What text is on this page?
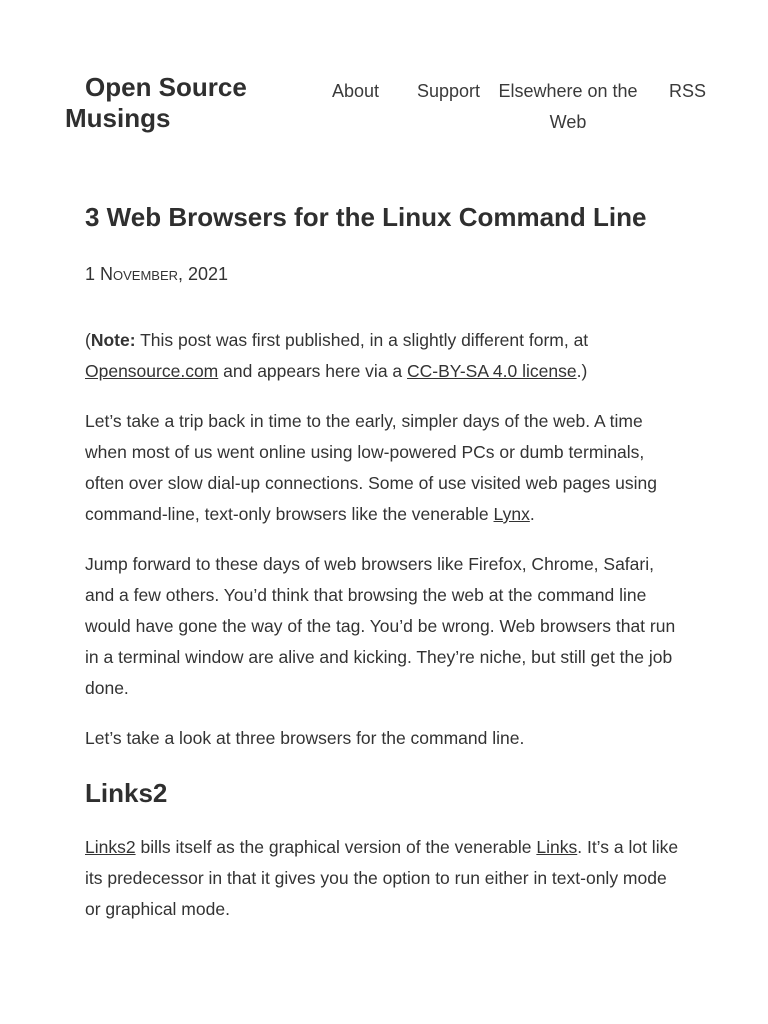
Open Source Musings
About Support Elsewhere on the Web
RSS
3 Web Browsers for the Linux Command Line
1 November, 2021

(Note: This post was first published, in a slightly different form, at Opensource.com and appears here via a CC-BY-SA 4.0 license.)

Let’s take a trip back in time to the early, simpler days of the web. A time when most of us went online using low-powered PCs or dumb terminals, often over slow dial-up connections. Some of use visited web pages using command-line, text-only browsers like the venerable Lynx.

Jump forward to these days of web browsers like Firefox, Chrome, Safari, and a few others. You’d think that browsing the web at the command line would have gone the way of the tag. You’d be wrong. Web browsers that run in a terminal window are alive and kicking. They’re niche, but still get the job done.

Let’s take a look at three browsers for the command line.

Links2

Links2 bills itself as the graphical version of the venerable Links. It’s a lot like its predecessor in that it gives you the option to run either in text-only mode or graphical mode.
